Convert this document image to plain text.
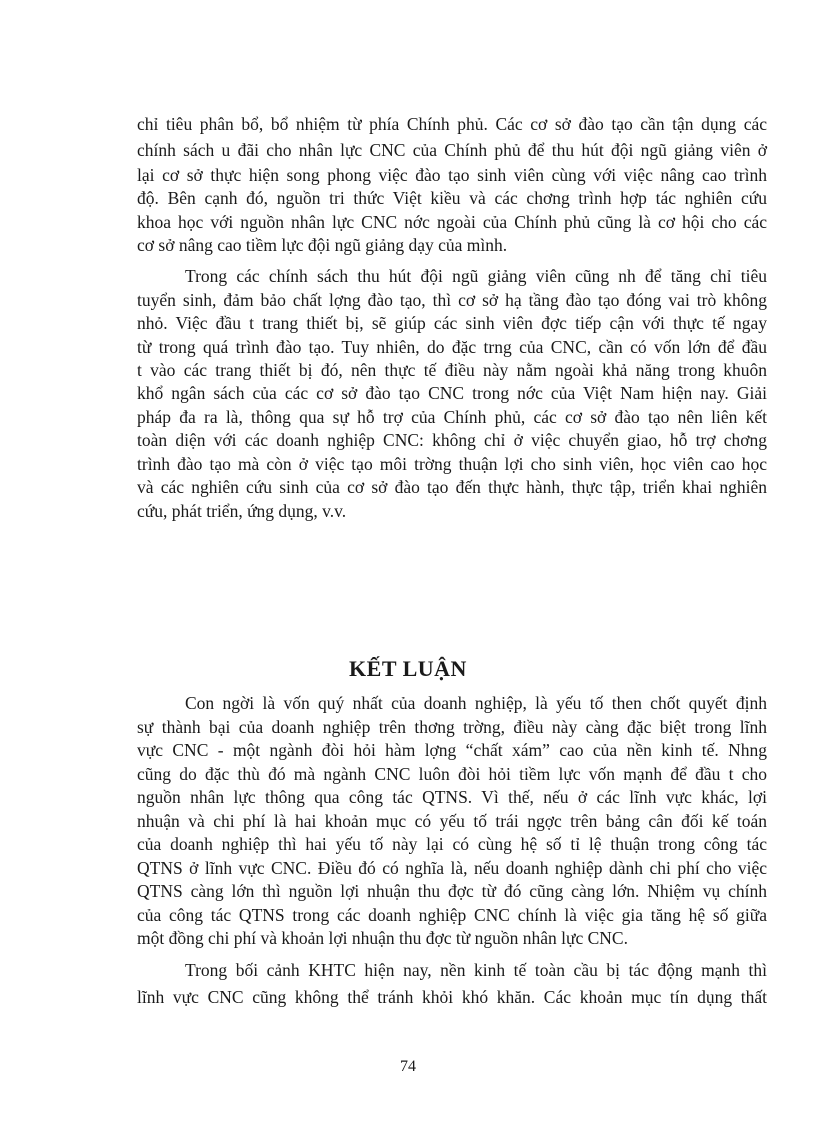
chỉ tiêu phân bổ, bổ nhiệm từ phía Chính phủ. Các cơ sở đào tạo cần tận dụng các
chính sách u đãi cho nhân lực CNC của Chính phủ để thu hút đội ngũ giảng viên ở
lại cơ sở thực hiện song phong việc đào tạo sinh viên cùng với việc nâng cao trình
độ. Bên cạnh đó, nguồn tri thức Việt kiều và các chơng trình hợp tác nghiên cứu
khoa học với nguồn nhân lực CNC nớc ngoài của Chính phủ cũng là cơ hội cho các
cơ sở nâng cao tiềm lực đội ngũ giảng dạy của mình.
Trong các chính sách thu hút đội ngũ giảng viên cũng nh để tăng chỉ tiêu
tuyển sinh, đảm bảo chất lợng đào tạo, thì cơ sở hạ tầng đào tạo đóng vai trò không
nhỏ. Việc đầu t trang thiết bị, sẽ giúp các sinh viên đợc tiếp cận với thực tế ngay
từ trong quá trình đào tạo. Tuy nhiên, do đặc trng của CNC, cần có vốn lớn để đầu
t vào các trang thiết bị đó, nên thực tế điều này nằm ngoài khả năng trong khuôn
khổ ngân sách của các cơ sở đào tạo CNC trong nớc của Việt Nam hiện nay. Giải
pháp đa ra là, thông qua sự hỗ trợ của Chính phủ, các cơ sở đào tạo nên liên kết
toàn diện với các doanh nghiệp CNC: không chỉ ở việc chuyển giao, hỗ trợ chơng
trình đào tạo mà còn ở việc tạo môi trờng thuận lợi cho sinh viên, học viên cao học
và các nghiên cứu sinh của cơ sở đào tạo đến thực hành, thực tập, triển khai nghiên
cứu, phát triển, ứng dụng, v.v.
KẾT LUẬN
Con ngời là vốn quý nhất của doanh nghiệp, là yếu tố then chốt quyết định
sự thành bại của doanh nghiệp trên thơng trờng, điều này càng đặc biệt trong lĩnh
vực CNC - một ngành đòi hỏi hàm lợng “chất xám” cao của nền kinh tế. Nhng
cũng do đặc thù đó mà ngành CNC luôn đòi hỏi tiềm lực vốn mạnh để đầu t cho
nguồn nhân lực thông qua công tác QTNS. Vì thế, nếu ở các lĩnh vực khác, lợi
nhuận và chi phí là hai khoản mục có yếu tố trái ngợc trên bảng cân đối kế toán
của doanh nghiệp thì hai yếu tố này lại có cùng hệ số tỉ lệ thuận trong công tác
QTNS ở lĩnh vực CNC. Điều đó có nghĩa là, nếu doanh nghiệp dành chi phí cho việc
QTNS càng lớn thì nguồn lợi nhuận thu đợc từ đó cũng càng lớn. Nhiệm vụ chính
của công tác QTNS trong các doanh nghiệp CNC chính là việc gia tăng hệ số giữa
một đồng chi phí và khoản lợi nhuận thu đợc từ nguồn nhân lực CNC.
Trong bối cảnh KHTC hiện nay, nền kinh tế toàn cầu bị tác động mạnh thì
lĩnh vực CNC cũng không thể tránh khỏi khó khăn. Các khoản mục tín dụng thất
74
